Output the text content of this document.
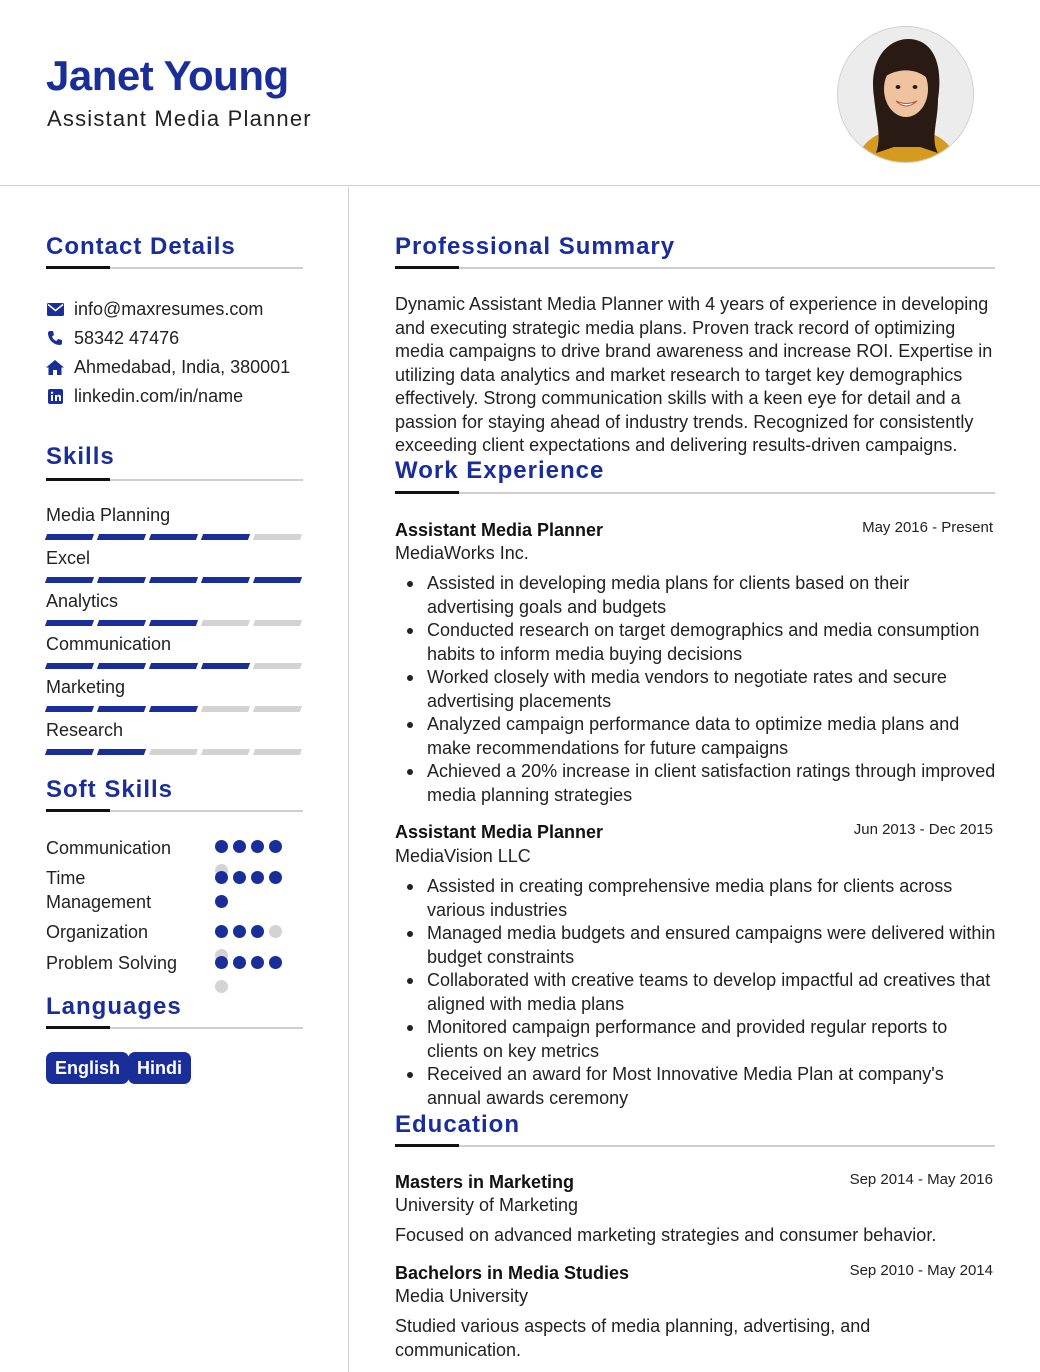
Janet Young
Assistant Media Planner
Contact Details
info@maxresumes.com
58342 47476
Ahmedabad, India, 380001
linkedin.com/in/name
Skills
Media Planning
Excel
Analytics
Communication
Marketing
Research
Soft Skills
Communication
Time Management
Organization
Problem Solving
Languages
English Hindi
Professional Summary
Dynamic Assistant Media Planner with 4 years of experience in developing and executing strategic media plans. Proven track record of optimizing media campaigns to drive brand awareness and increase ROI. Expertise in utilizing data analytics and market research to target key demographics effectively. Strong communication skills with a keen eye for detail and a passion for staying ahead of industry trends. Recognized for consistently exceeding client expectations and delivering results-driven campaigns.
Work Experience
Assistant Media Planner	May 2016 - Present
MediaWorks Inc.
Assisted in developing media plans for clients based on their advertising goals and budgets
Conducted research on target demographics and media consumption habits to inform media buying decisions
Worked closely with media vendors to negotiate rates and secure advertising placements
Analyzed campaign performance data to optimize media plans and make recommendations for future campaigns
Achieved a 20% increase in client satisfaction ratings through improved media planning strategies
Assistant Media Planner	Jun 2013 - Dec 2015
MediaVision LLC
Assisted in creating comprehensive media plans for clients across various industries
Managed media budgets and ensured campaigns were delivered within budget constraints
Collaborated with creative teams to develop impactful ad creatives that aligned with media plans
Monitored campaign performance and provided regular reports to clients on key metrics
Received an award for Most Innovative Media Plan at company's annual awards ceremony
Education
Masters in Marketing	Sep 2014 - May 2016
University of Marketing
Focused on advanced marketing strategies and consumer behavior.
Bachelors in Media Studies	Sep 2010 - May 2014
Media University
Studied various aspects of media planning, advertising, and communication.
